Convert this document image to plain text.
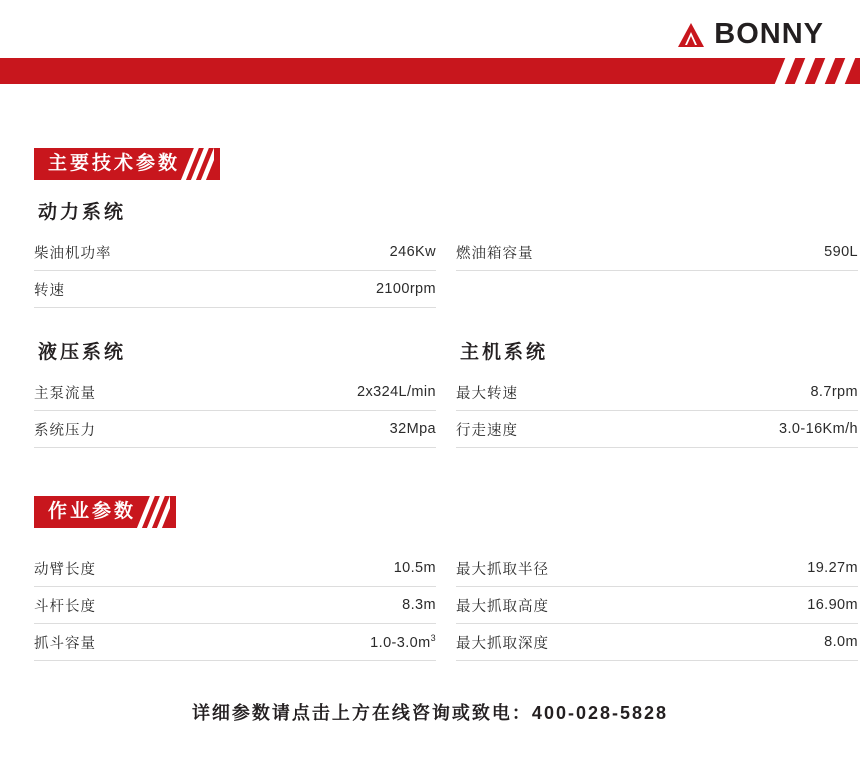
BONNY
主要技术参数
动力系统
柴油机功率	246Kw
转速	2100rpm
燃油箱容量	590L
液压系统
主泵流量	2x324L/min
系统压力	32Mpa
主机系统
最大转速	8.7rpm
行走速度	3.0-16Km/h
作业参数
动臂长度	10.5m
斗杆长度	8.3m
抓斗容量	$1.0-3.0m^3$
最大抓取半径	19.27m
最大抓取高度	16.90m
最大抓取深度	8.0m
详细参数请点击上方在线咨询或致电：400-028-5828
